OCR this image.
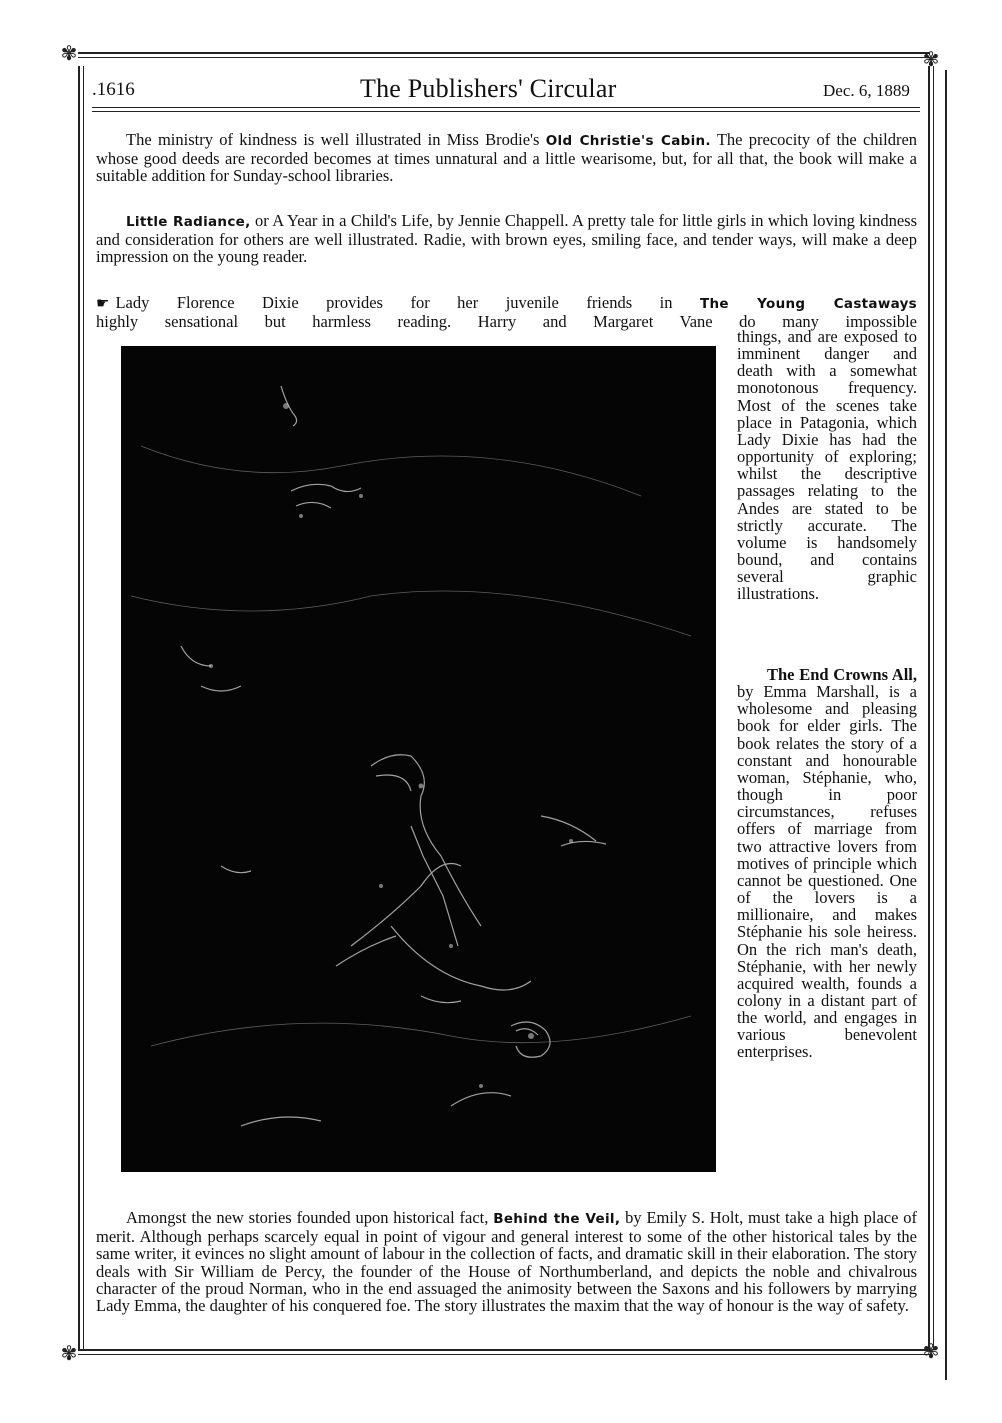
✾	✾
✾	✾
.1616	The Publishers' Circular	Dec. 6, 1889

The ministry of kindness is well illustrated in Miss Brodie's Old Christie's Cabin. The precocity of the children whose good deeds are recorded becomes at times unnatural and a little wearisome, but, for all that, the book will make a suitable addition for Sunday-school libraries.

Little Radiance, or A Year in a Child's Life, by Jennie Chappell. A pretty tale for little girls in which loving kindness and consideration for others are well illustrated. Radie, with brown eyes, smiling face, and tender ways, will make a deep impression on the young reader.

☛ Lady Florence Dixie provides for her juvenile friends in The Young Castaways
highly sensational but harmless reading. Harry and Margaret Vane do many impossible

things, and are exposed to imminent danger and death with a somewhat monotonous frequency. Most of the scenes take place in Patagonia, which Lady Dixie has had the opportunity of exploring; whilst the descriptive passages relating to the Andes are stated to be strictly accurate. The volume is handsomely bound, and contains several graphic illustrations.

The End Crowns All, by Emma Marshall, is a wholesome and pleasing book for elder girls. The book relates the story of a constant and honourable woman, Stéphanie, who, though in poor circumstances, refuses offers of marriage from two attractive lovers from motives of principle which cannot be questioned. One of the lovers is a millionaire, and makes Stéphanie his sole heiress. On the rich man's death, Stéphanie, with her newly acquired wealth, founds a colony in a distant part of the world, and engages in various benevolent enterprises.

Amongst the new stories founded upon historical fact, Behind the Veil, by Emily S. Holt, must take a high place of merit. Although perhaps scarcely equal in point of vigour and general interest to some of the other historical tales by the same writer, it evinces no slight amount of labour in the collection of facts, and dramatic skill in their elaboration. The story deals with Sir William de Percy, the founder of the House of Northumberland, and depicts the noble and chivalrous character of the proud Norman, who in the end assuaged the animosity between the Saxons and his followers by marrying Lady Emma, the daughter of his conquered foe. The story illustrates the maxim that the way of honour is the way of safety.
